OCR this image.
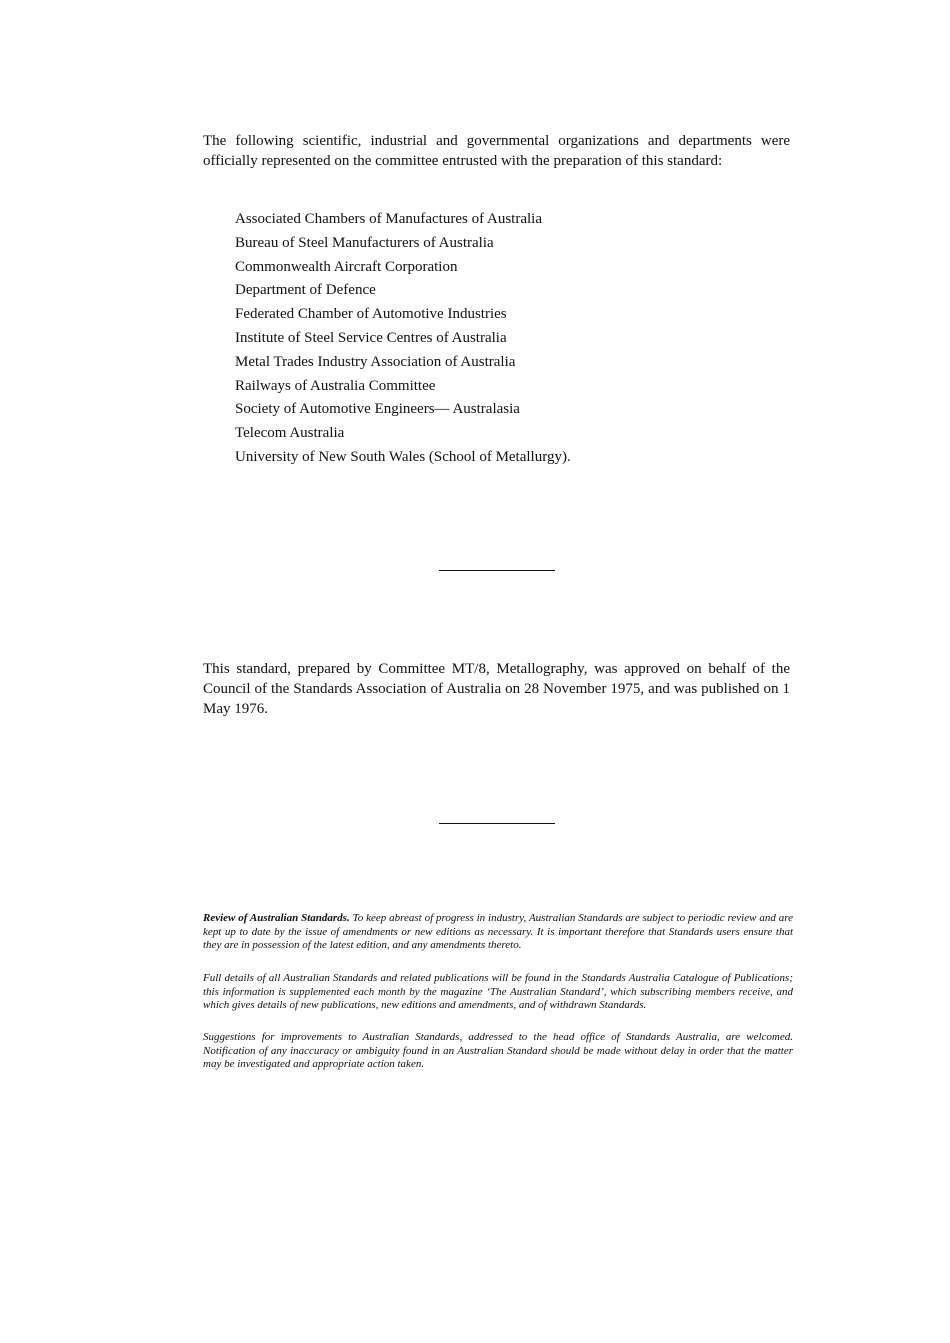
The following scientific, industrial and governmental organizations and departments were officially represented on the committee entrusted with the preparation of this standard:

Associated Chambers of Manufactures of Australia
Bureau of Steel Manufacturers of Australia
Commonwealth Aircraft Corporation
Department of Defence
Federated Chamber of Automotive Industries
Institute of Steel Service Centres of Australia
Metal Trades Industry Association of Australia
Railways of Australia Committee
Society of Automotive Engineers— Australasia
Telecom Australia
University of New South Wales (School of Metallurgy).

This standard, prepared by Committee MT/8, Metallography, was approved on behalf of the Council of the Standards Association of Australia on 28 November 1975, and was published on 1 May 1976.

Review of Australian Standards. To keep abreast of progress in industry, Australian Standards are subject to periodic review and are kept up to date by the issue of amendments or new editions as necessary. It is important therefore that Standards users ensure that they are in possession of the latest edition, and any amendments thereto.

Full details of all Australian Standards and related publications will be found in the Standards Australia Catalogue of Publications; this information is supplemented each month by the magazine ‘The Australian Standard’, which subscribing members receive, and which gives details of new publications, new editions and amendments, and of withdrawn Standards.

Suggestions for improvements to Australian Standards, addressed to the head office of Standards Australia, are welcomed. Notification of any inaccuracy or ambiguity found in an Australian Standard should be made without delay in order that the matter may be investigated and appropriate action taken.
